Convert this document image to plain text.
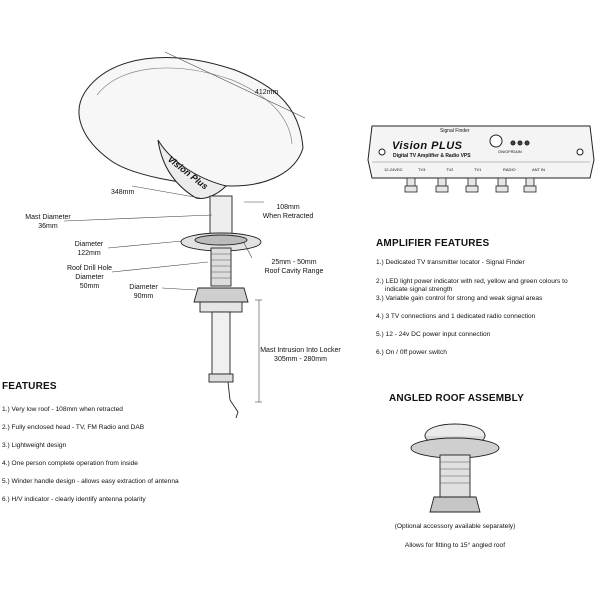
412mm
348mm
Vision Plus
108mm
When Retracted
Mast Diameter
36mm
Diameter
122mm
Roof Drill Hole
Diameter
50mm
25mm - 50mm
Roof Cavity Range
Diameter
90mm
Mast Intrusion Into Locker
305mm - 280mm
Signal Finder
Vision PLUS
Digital TV Amplifier & Radio VPS
ON/OFF
GAIN
12-24VDC	TV3	TV2	TV1	RADIO	ANT IN
AMPLIFIER FEATURES
1.) Dedicated TV transmitter locator - Signal Finder
2.) LED light power indicator with red, yellow and green colours to
indicate signal strength
3.) Variable gain control for strong and weak signal areas
4.) 3 TV connections and 1 dedicated radio connection
5.) 12 - 24v DC power input connection
6.) On / 0ff power switch
FEATURES
1.) Very low roof - 108mm when retracted
2.) Fully enclosed head - TV, FM Radio and DAB
3.) Lightweight design
4.) One person complete operation from inside
5.) Winder handle design - allows easy extraction of antenna
6.) H/V indicator - clearly identify antenna polarity
ANGLED ROOF ASSEMBLY
(Optional accessory available separately)
Allows for fitting to 15° angled roof
